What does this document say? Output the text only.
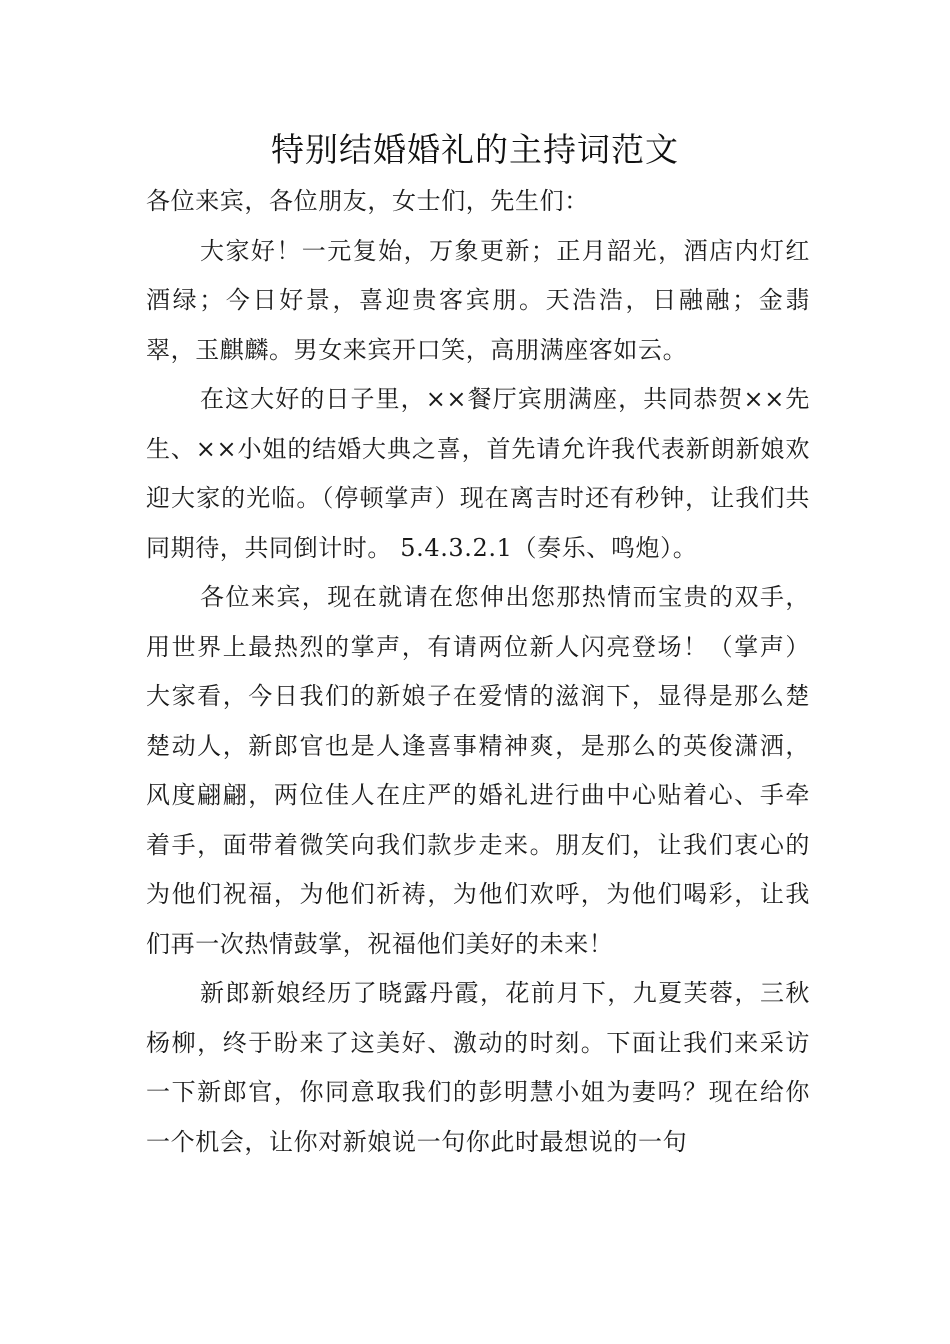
特别结婚婚礼的主持词范文

各位来宾，各位朋友，女士们，先生们：

大家好！一元复始，万象更新；正月韶光，酒店内灯红酒绿；今日好景，喜迎贵客宾朋。天浩浩，日融融；金翡翠，玉麒麟。男女来宾开口笑，高朋满座客如云。

在这大好的日子里，××餐厅宾朋满座，共同恭贺××先生、××小姐的结婚大典之喜，首先请允许我代表新朗新娘欢迎大家的光临。（停顿掌声）现在离吉时还有秒钟，让我们共同期待，共同倒计时。 5.4.3.2.1（奏乐、鸣炮）。

各位来宾，现在就请在您伸出您那热情而宝贵的双手，用世界上最热烈的掌声，有请两位新人闪亮登场！（掌声）大家看，今日我们的新娘子在爱情的滋润下，显得是那么楚楚动人，新郎官也是人逢喜事精神爽，是那么的英俊潇洒，风度翩翩，两位佳人在庄严的婚礼进行曲中心贴着心、手牵着手，面带着微笑向我们款步走来。朋友们，让我们衷心的为他们祝福，为他们祈祷，为他们欢呼，为他们喝彩，让我们再一次热情鼓掌，祝福他们美好的未来！

新郎新娘经历了晓露丹霞，花前月下，九夏芙蓉，三秋杨柳，终于盼来了这美好、激动的时刻。下面让我们来采访一下新郎官，你同意取我们的彭明慧小姐为妻吗？现在给你一个机会，让你对新娘说一句你此时最想说的一句
